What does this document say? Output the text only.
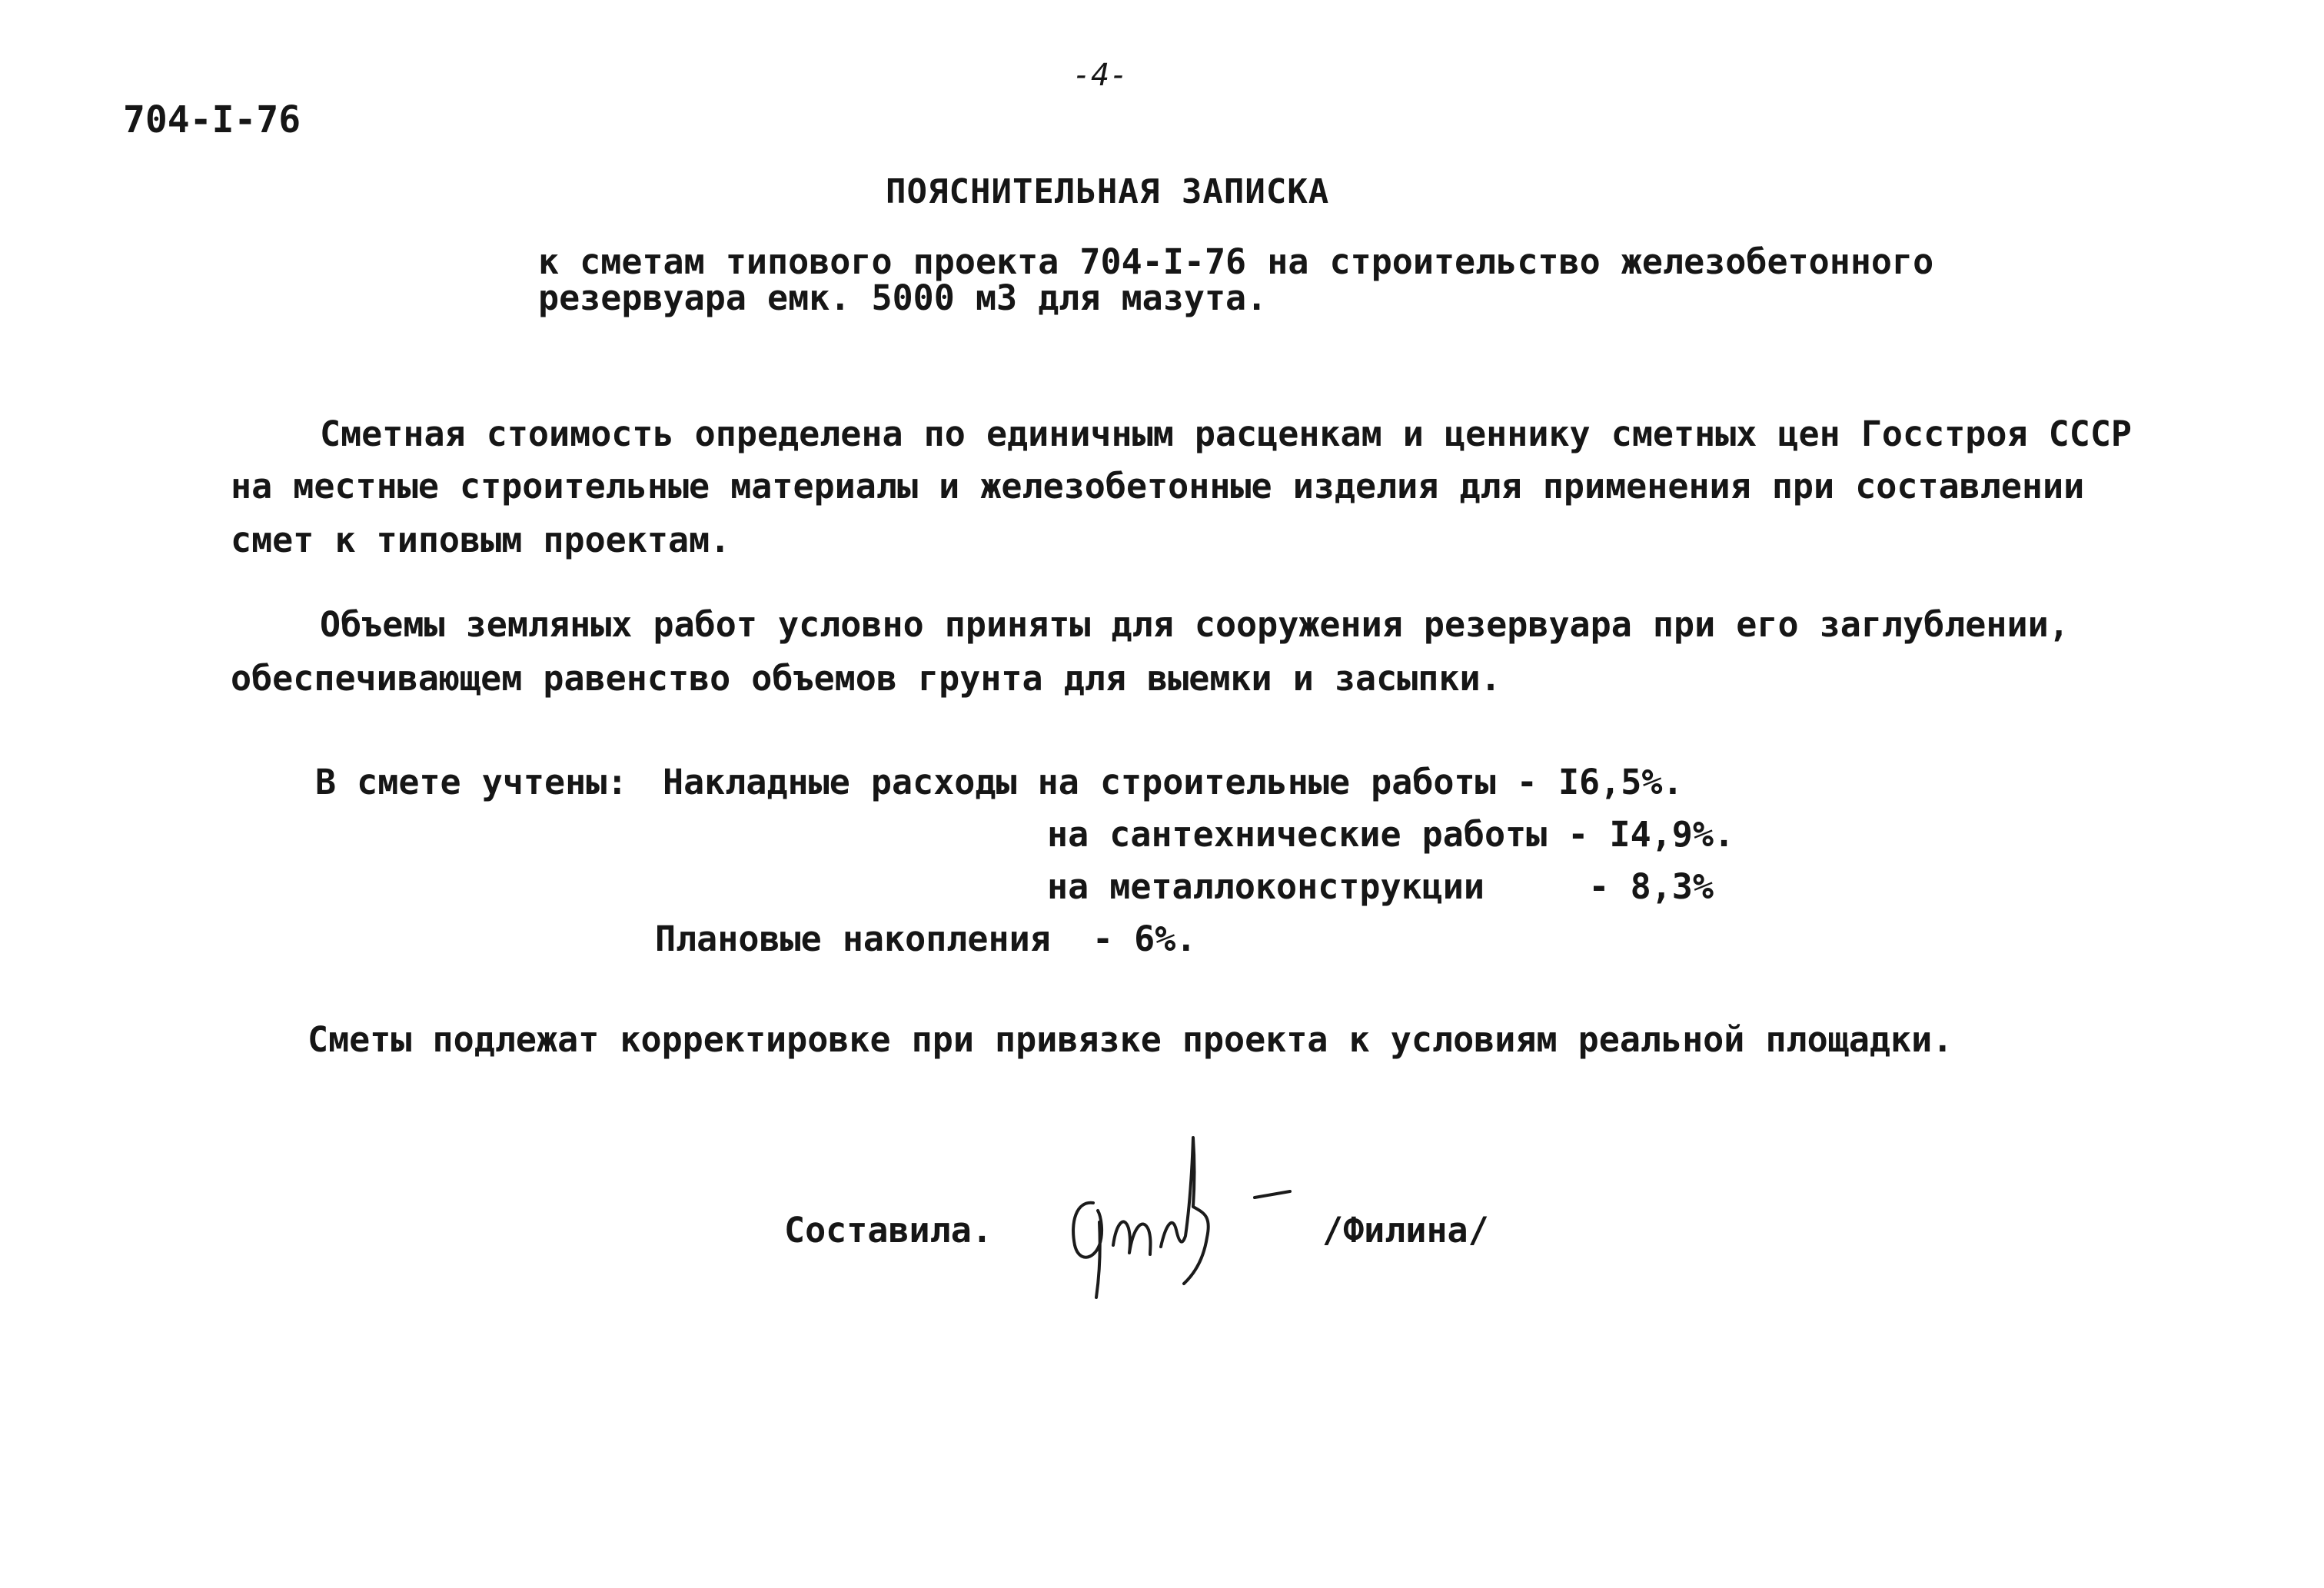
-4-

704-I-76

ПОЯСНИТЕЛЬНАЯ ЗАПИСКА

к сметам типового проекта 704-I-76 на строительство железобетонного

резервуара емк. 5000 м3 для мазута.

Сметная стоимость определена по единичным расценкам и ценнику сметных цен Госстроя СССР

на местные строительные материалы и железобетонные изделия для применения при составлении

смет к типовым проектам.

Объемы земляных работ условно приняты для сооружения резервуара при его заглублении,

обеспечивающем равенство объемов грунта для выемки и засыпки.

В смете учтены: Накладные расходы на строительные работы - I6,5%.

на сантехнические работы - I4,9%.

на металлоконструкции     - 8,3%

Плановые накопления  - 6%.

Сметы подлежат корректировке при привязке проекта к условиям реальной площадки.

Составила.	/Филина/
